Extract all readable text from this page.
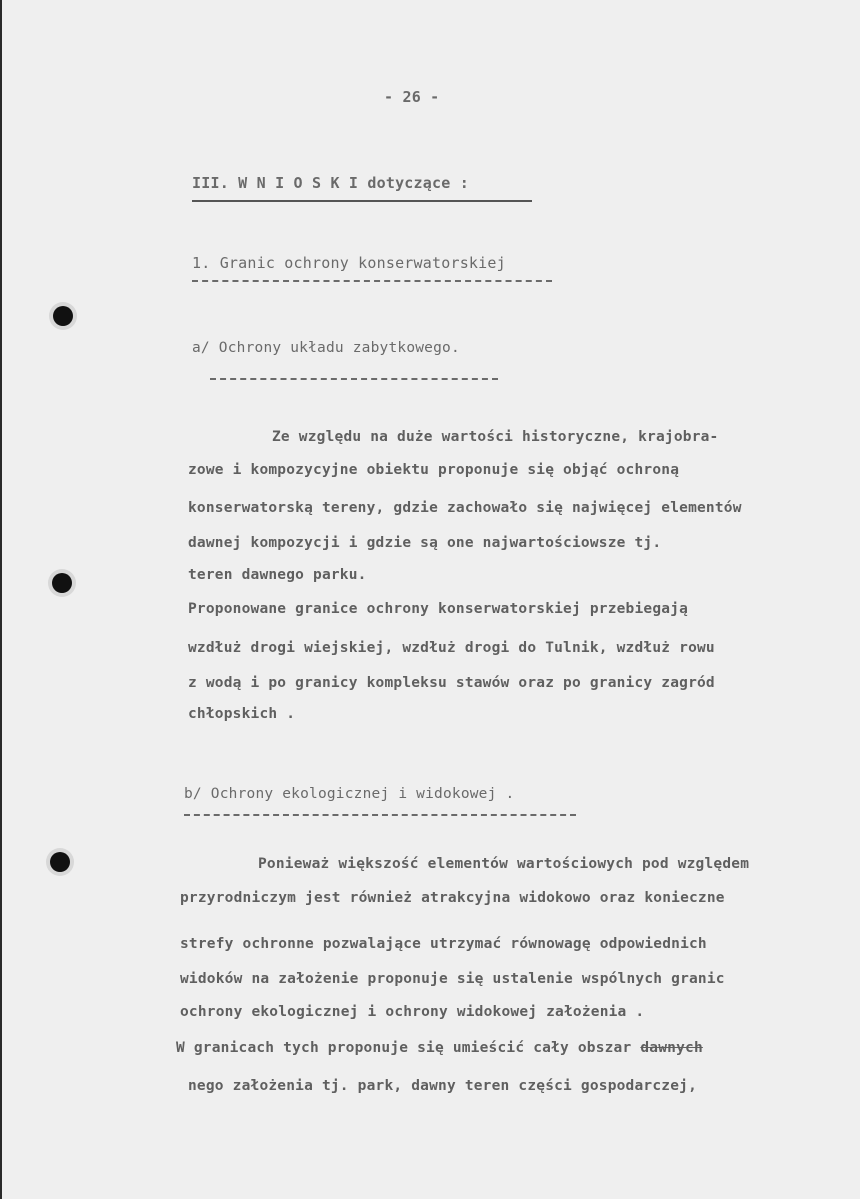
- 26 -
III. W N I O S K I dotyczące :
1. Granic ochrony konserwatorskiej
a/ Ochrony układu zabytkowego.
Ze względu na duże wartości historyczne, krajobra-
zowe i kompozycyjne obiektu proponuje się objąć ochroną
konserwatorską tereny, gdzie zachowało się najwięcej elementów
dawnej kompozycji i gdzie są one najwartościowsze tj.
teren dawnego parku.
Proponowane granice ochrony konserwatorskiej przebiegają
wzdłuż drogi wiejskiej, wzdłuż drogi do Tulnik, wzdłuż rowu
z wodą i po granicy kompleksu stawów oraz po granicy zagród
chłopskich .
b/ Ochrony ekologicznej i widokowej .
Ponieważ większość elementów wartościowych pod względem
przyrodniczym jest również atrakcyjna widokowo oraz konieczne
strefy ochronne pozwalające utrzymać równowagę odpowiednich
widoków na założenie proponuje się ustalenie wspólnych granic
ochrony ekologicznej i ochrony widokowej założenia .
W granicach tych proponuje się umieścić cały obszar dawnych
nego założenia tj. park, dawny teren części gospodarczej,
